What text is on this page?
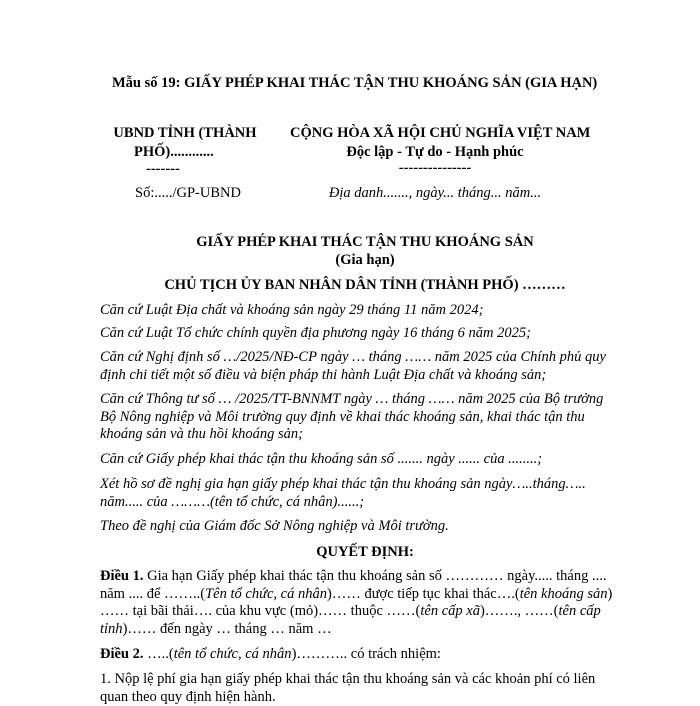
Mẫu số 19: GIẤY PHÉP KHAI THÁC TẬN THU KHOÁNG SẢN (GIA HẠN)
UBND TỈNH (THÀNH
PHỐ)............
-------
Số:...../GP-UBND
CỘNG HÒA XÃ HỘI CHỦ NGHĨA VIỆT NAM
Độc lập - Tự do - Hạnh phúc
---------------
Địa danh......., ngày... tháng... năm...
GIẤY PHÉP KHAI THÁC TẬN THU KHOÁNG SẢN
(Gia hạn)
CHỦ TỊCH ỦY BAN NHÂN DÂN TỈNH (THÀNH PHỐ) ………
Căn cứ Luật Địa chất và khoáng sản ngày 29 tháng 11 năm 2024;
Căn cứ Luật Tổ chức chính quyền địa phương ngày 16 tháng 6 năm 2025;
Căn cứ Nghị định số …/2025/NĐ-CP ngày … tháng …… năm 2025 của Chính phủ quy định chi tiết một số điều và biện pháp thi hành Luật Địa chất và khoáng sản;
Căn cứ Thông tư số … /2025/TT-BNNMT ngày … tháng …… năm 2025 của Bộ trưởng Bộ Nông nghiệp và Môi trường quy định về khai thác khoáng sản, khai thác tận thu khoáng sản và thu hồi khoáng sản;
Căn cứ Giấy phép khai thác tận thu khoáng sản số ....... ngày ...... của ........;
Xét hồ sơ đề nghị gia hạn giấy phép khai thác tận thu khoáng sản ngày…..tháng….. năm..... của ………(tên tổ chức, cá nhân)......;
Theo đề nghị của Giám đốc Sở Nông nghiệp và Môi trường.
QUYẾT ĐỊNH:
Điều 1. Gia hạn Giấy phép khai thác tận thu khoáng sản số ………… ngày..... tháng .... năm .... để ……..(Tên tổ chức, cá nhân)…… được tiếp tục khai thác….(tên khoáng sản) …… tại bãi thải…. của khu vực (mỏ)…… thuộc ……(tên cấp xã)……., ……(tên cấp tỉnh)…… đến ngày … tháng … năm …
Điều 2. …..(tên tổ chức, cá nhân)……….. có trách nhiệm:
1. Nộp lệ phí gia hạn giấy phép khai thác tận thu khoáng sản và các khoản phí có liên quan theo quy định hiện hành.
